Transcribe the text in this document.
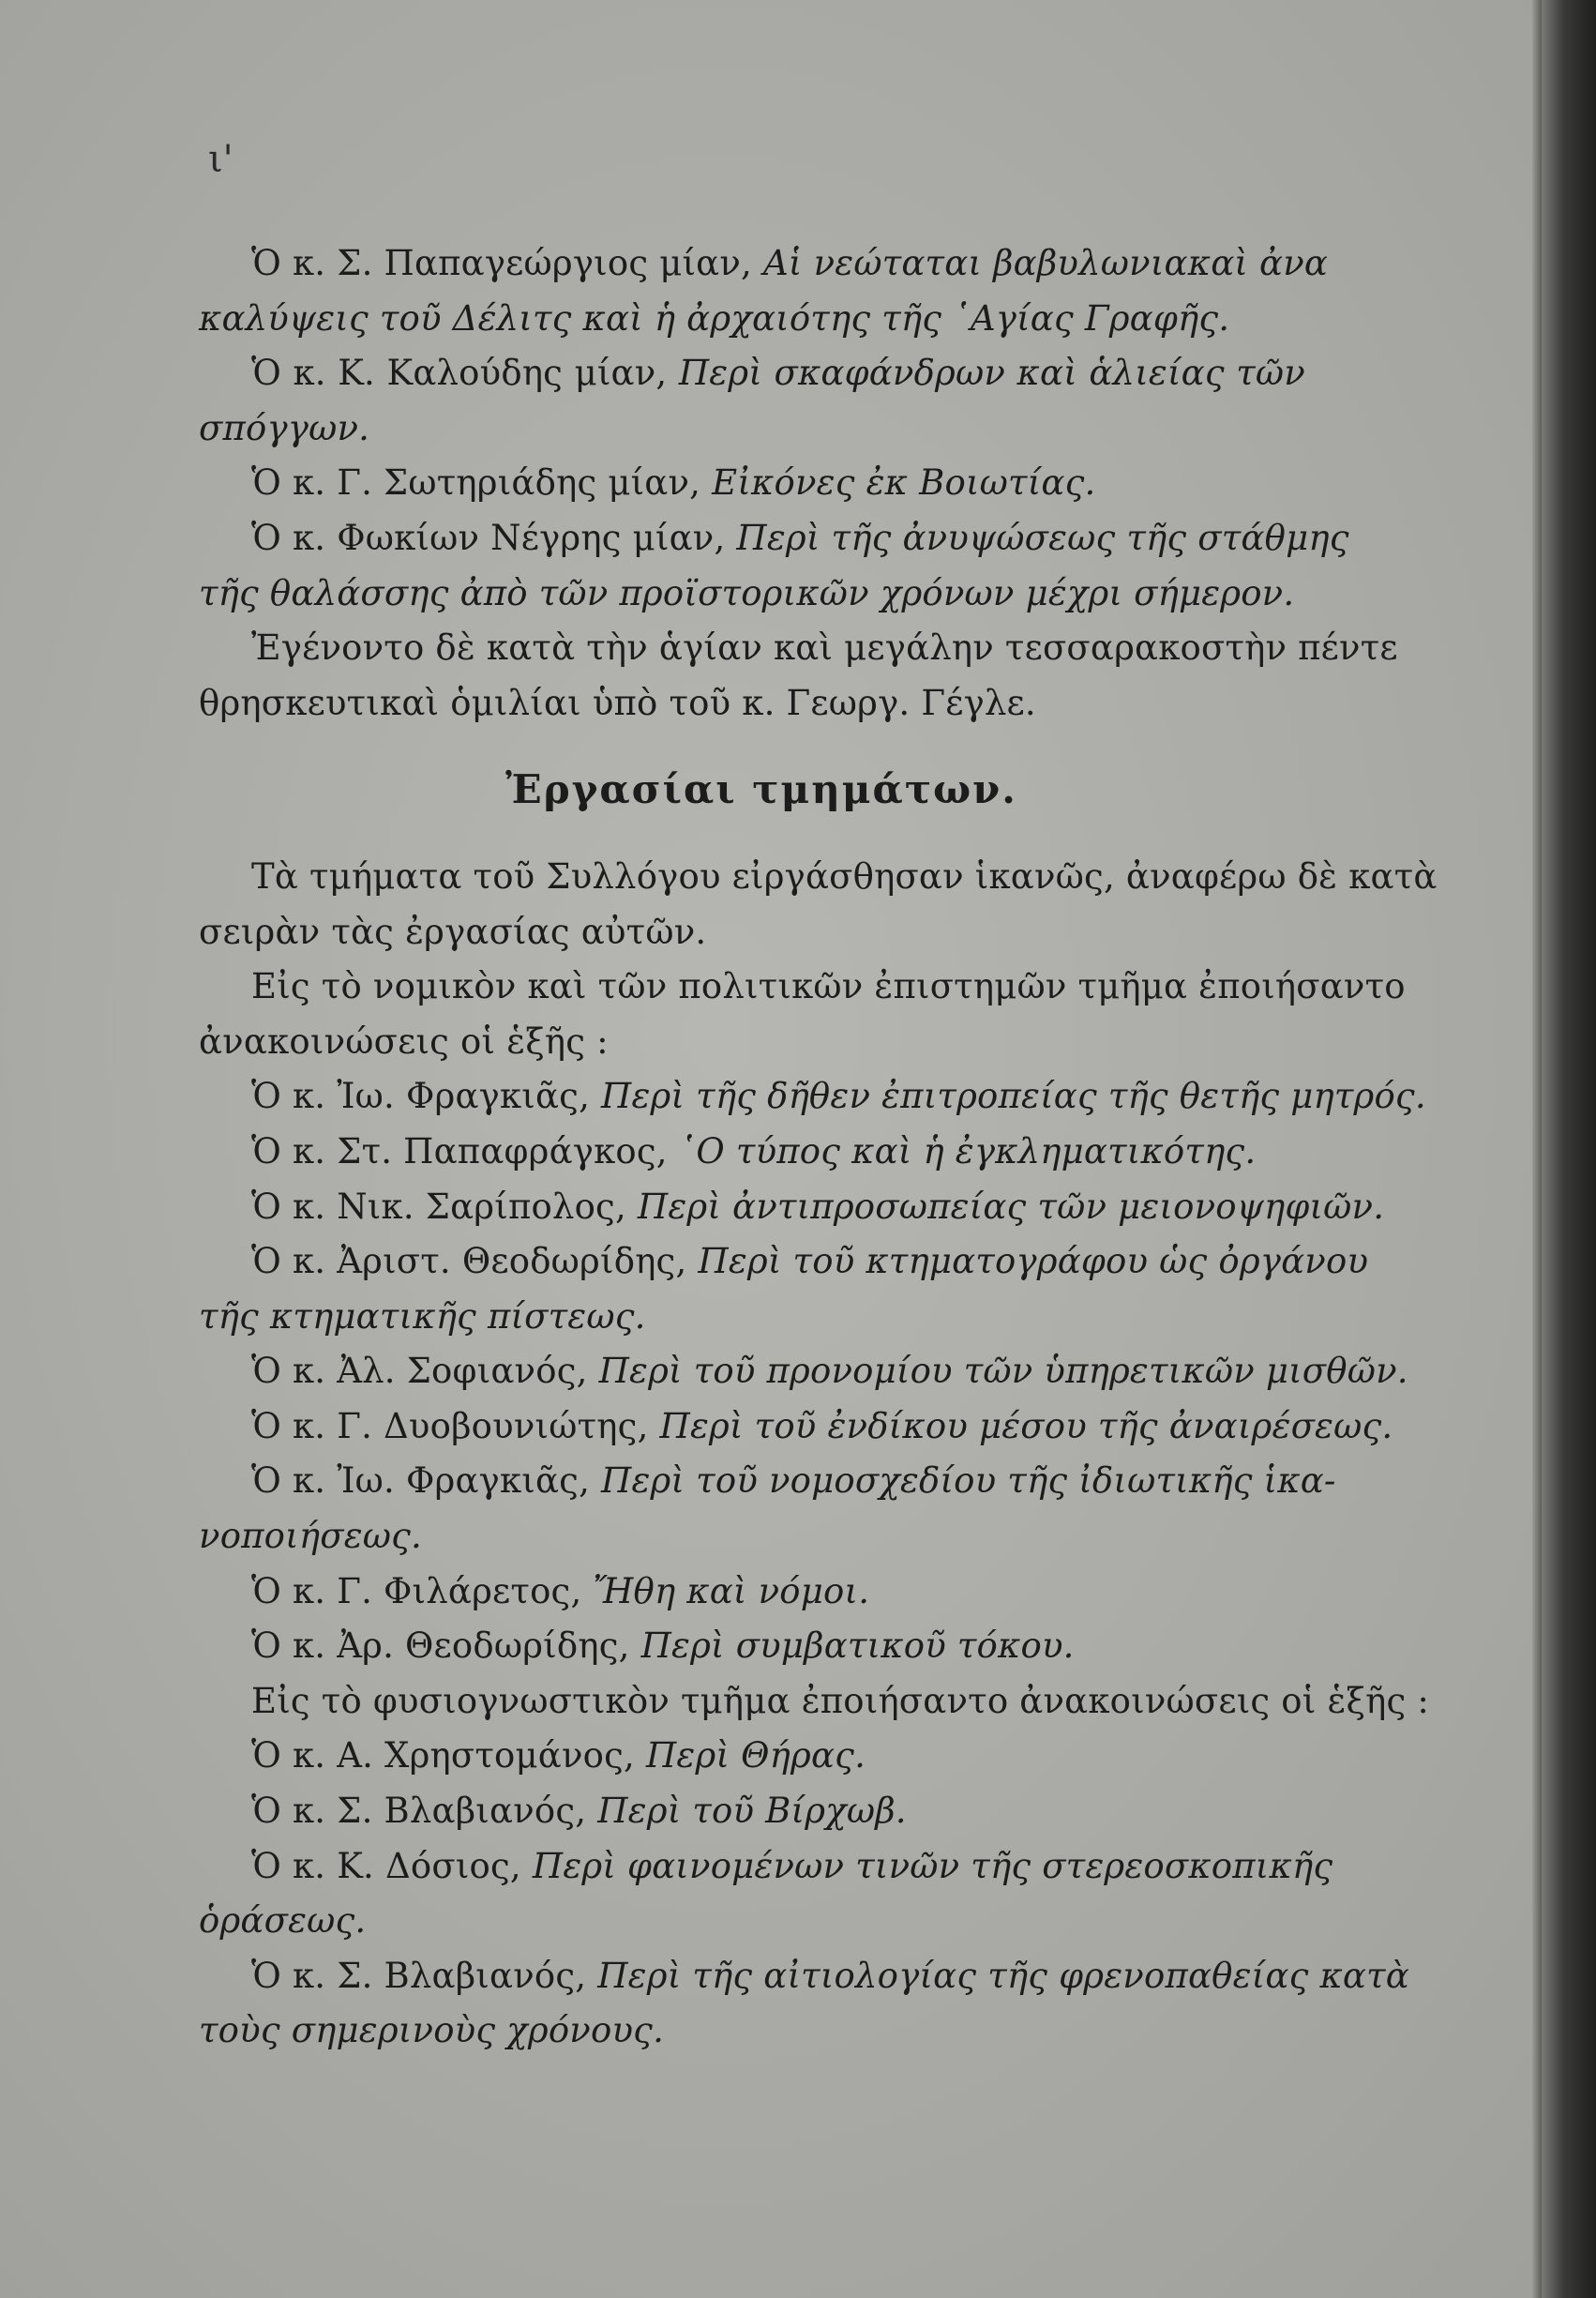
ι'
Ὁ κ. Σ. Παπαγεώργιος μίαν, Αἱ νεώταται βαβυλωνιακαὶ ἀνα
καλύψεις τοῦ Δέλιτς καὶ ἡ ἀρχαιότης τῆς ῾Αγίας Γραφῆς.
Ὁ κ. Κ. Καλούδης μίαν, Περὶ σκαφάνδρων καὶ ἁλιείας τῶν
σπόγγων.
Ὁ κ. Γ. Σωτηριάδης μίαν, Εἰκόνες ἐκ Βοιωτίας.
Ὁ κ. Φωκίων Νέγρης μίαν, Περὶ τῆς ἀνυψώσεως τῆς στάθμης
τῆς θαλάσσης ἀπὸ τῶν προϊστορικῶν χρόνων μέχρι σήμερον.
Ἐγένοντο δὲ κατὰ τὴν ἁγίαν καὶ μεγάλην τεσσαρακοστὴν πέντε
θρησκευτικαὶ ὁμιλίαι ὑπὸ τοῦ κ. Γεωργ. Γέγλε.
Ἐργασίαι τμημάτων.
Τὰ τμήματα τοῦ Συλλόγου εἰργάσθησαν ἱκανῶς, ἀναφέρω δὲ κατὰ
σειρὰν τὰς ἐργασίας αὐτῶν.
Εἰς τὸ νομικὸν καὶ τῶν πολιτικῶν ἐπιστημῶν τμῆμα ἐποιήσαντο
ἀνακοινώσεις οἱ ἑξῆς :
Ὁ κ. Ἰω. Φραγκιᾶς, Περὶ τῆς δῆθεν ἐπιτροπείας τῆς θετῆς μητρός.
Ὁ κ. Στ. Παπαφράγκος, ῾Ο τύπος καὶ ἡ ἐγκληματικότης.
Ὁ κ. Νικ. Σαρίπολος, Περὶ ἀντιπροσωπείας τῶν μειονοψηφιῶν.
Ὁ κ. Ἀριστ. Θεοδωρίδης, Περὶ τοῦ κτηματογράφου ὡς ὀργάνου
τῆς κτηματικῆς πίστεως.
Ὁ κ. Ἀλ. Σοφιανός, Περὶ τοῦ προνομίου τῶν ὑπηρετικῶν μισθῶν.
Ὁ κ. Γ. Δυοβουνιώτης, Περὶ τοῦ ἐνδίκου μέσου τῆς ἀναιρέσεως.
Ὁ κ. Ἰω. Φραγκιᾶς, Περὶ τοῦ νομοσχεδίου τῆς ἰδιωτικῆς ἱκα-
νοποιήσεως.
Ὁ κ. Γ. Φιλάρετος, Ἤθη καὶ νόμοι.
Ὁ κ. Ἀρ. Θεοδωρίδης, Περὶ συμβατικοῦ τόκου.
Εἰς τὸ φυσιογνωστικὸν τμῆμα ἐποιήσαντο ἀνακοινώσεις οἱ ἑξῆς :
Ὁ κ. Α. Χρηστομάνος, Περὶ Θήρας.
Ὁ κ. Σ. Βλαβιανός, Περὶ τοῦ Βίρχωβ.
Ὁ κ. Κ. Δόσιος, Περὶ φαινομένων τινῶν τῆς στερεοσκοπικῆς
ὁράσεως.
Ὁ κ. Σ. Βλαβιανός, Περὶ τῆς αἰτιολογίας τῆς φρενοπαθείας κατὰ
τοὺς σημερινοὺς χρόνους.
